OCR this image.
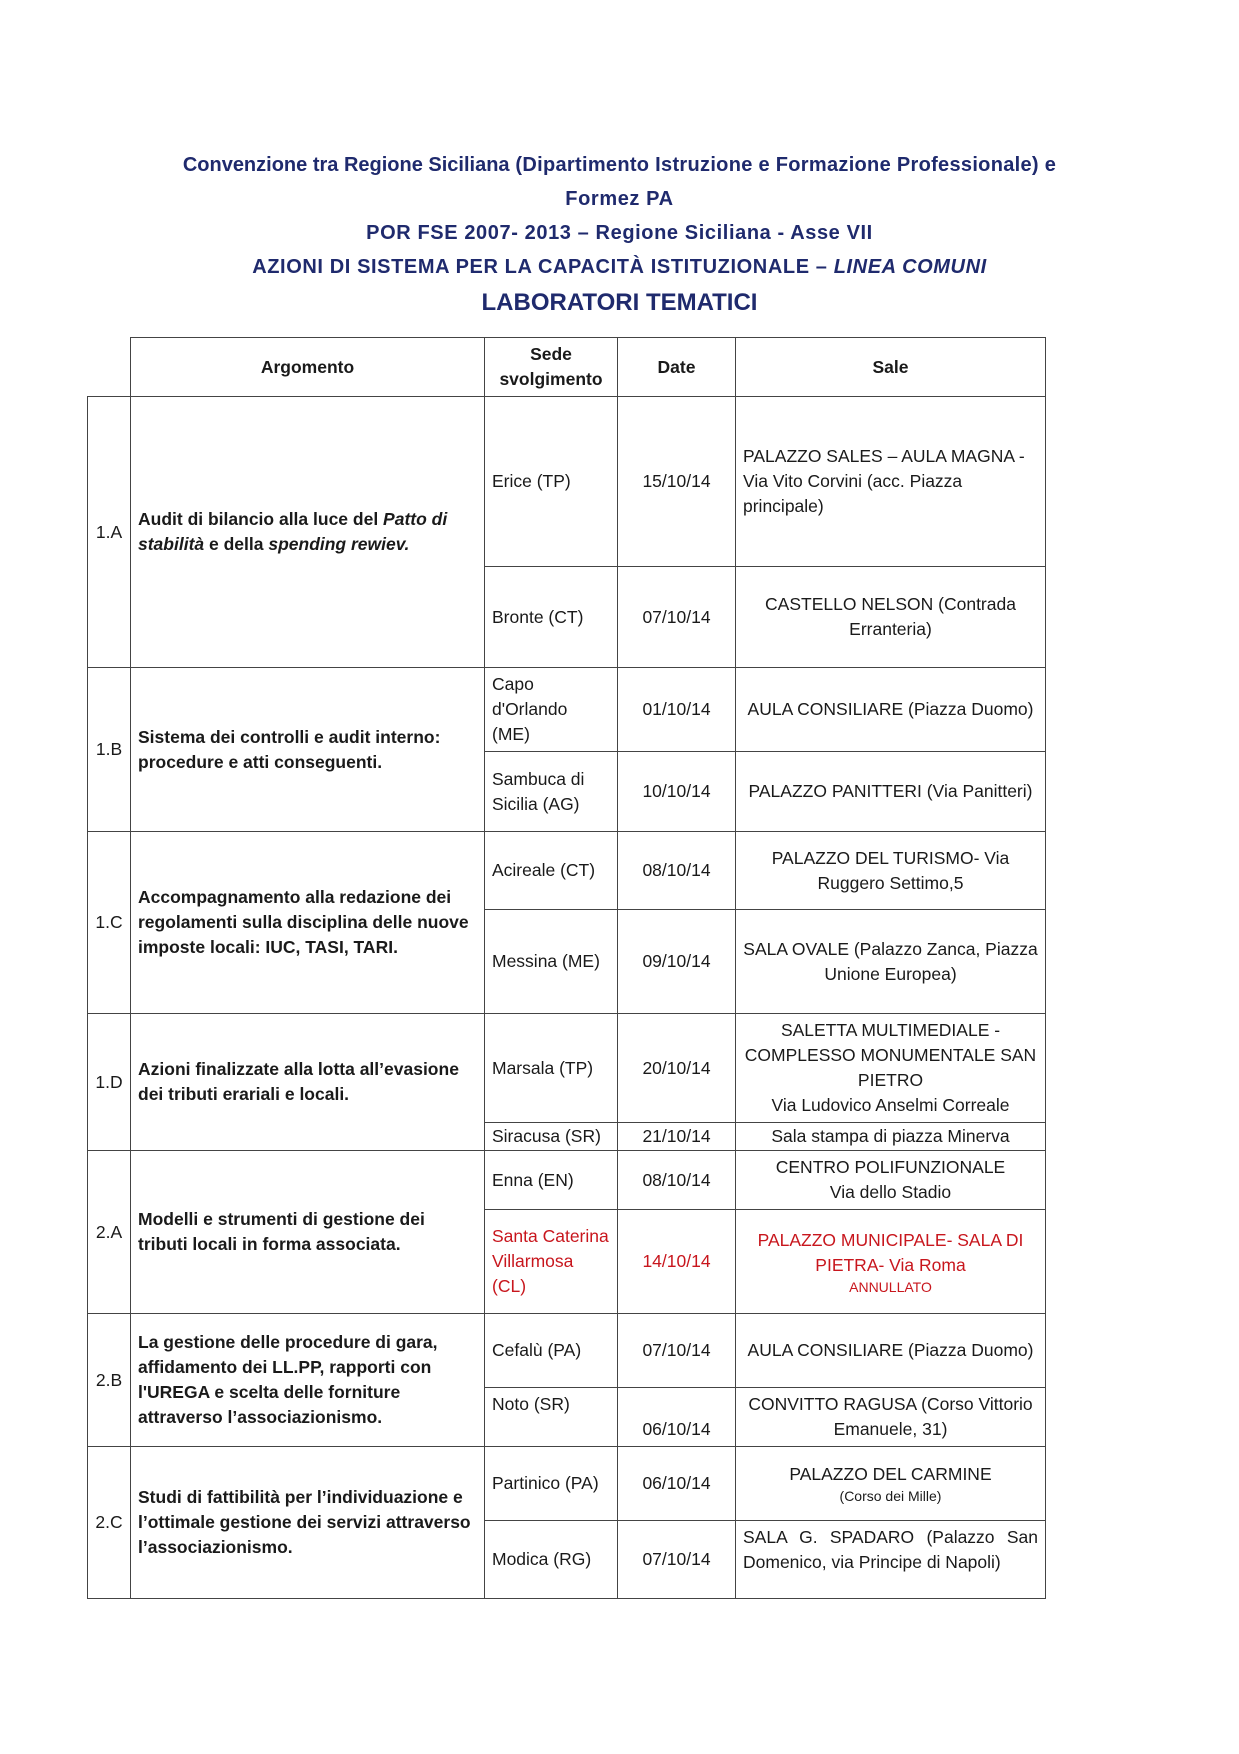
Convenzione tra Regione Siciliana (Dipartimento Istruzione e Formazione Professionale) e
Formez PA
POR FSE 2007- 2013 – Regione Siciliana - Asse VII
AZIONI DI SISTEMA PER LA CAPACITÀ ISTITUZIONALE – LINEA COMUNI
LABORATORI TEMATICI
	Argomento	Sede svolgimento	Date	Sale
1.A	Audit di bilancio alla luce del Patto di stabilità e della spending rewiev.	Erice (TP)	15/10/14	PALAZZO SALES – AULA MAGNA - Via Vito Corvini (acc. Piazza principale)
		Bronte (CT)	07/10/14	CASTELLO NELSON (Contrada Erranteria)
1.B	Sistema dei controlli e audit interno: procedure e atti conseguenti.	Capo d'Orlando (ME)	01/10/14	AULA CONSILIARE (Piazza Duomo)
		Sambuca di Sicilia (AG)	10/10/14	PALAZZO PANITTERI (Via Panitteri)
1.C	Accompagnamento alla redazione dei regolamenti sulla disciplina delle nuove imposte locali: IUC, TASI, TARI.	Acireale (CT)	08/10/14	PALAZZO DEL TURISMO- Via Ruggero Settimo,5
		Messina (ME)	09/10/14	SALA OVALE (Palazzo Zanca, Piazza Unione Europea)
1.D	Azioni finalizzate alla lotta all’evasione dei tributi erariali e locali.	Marsala (TP)	20/10/14	SALETTA MULTIMEDIALE - COMPLESSO MONUMENTALE SAN PIETRO
Via Ludovico Anselmi Correale

		Siracusa (SR)	21/10/14	Sala stampa di piazza Minerva
2.A	Modelli e strumenti di gestione dei tributi locali in forma associata.	Enna (EN)	08/10/14	CENTRO POLIFUNZIONALE
Via dello Stadio

		Santa Caterina Villarmosa (CL)	14/10/14	PALAZZO MUNICIPALE- SALA DI PIETRA- Via Roma
ANNULLATO

2.B	La gestione delle procedure di gara, affidamento dei LL.PP, rapporti con l'UREGA e scelta delle forniture attraverso l’associazionismo.	Cefalù (PA)	07/10/14	AULA CONSILIARE (Piazza Duomo)
		Noto (SR)	06/10/14	CONVITTO RAGUSA (Corso Vittorio Emanuele, 31)
2.C	Studi di fattibilità per l’individuazione e l’ottimale gestione dei servizi attraverso l’associazionismo.	Partinico (PA)	06/10/14	PALAZZO DEL CARMINE
(Corso dei Mille)

		Modica (RG)	07/10/14	SALA G. SPADARO (Palazzo San Domenico, via Principe di Napoli)
